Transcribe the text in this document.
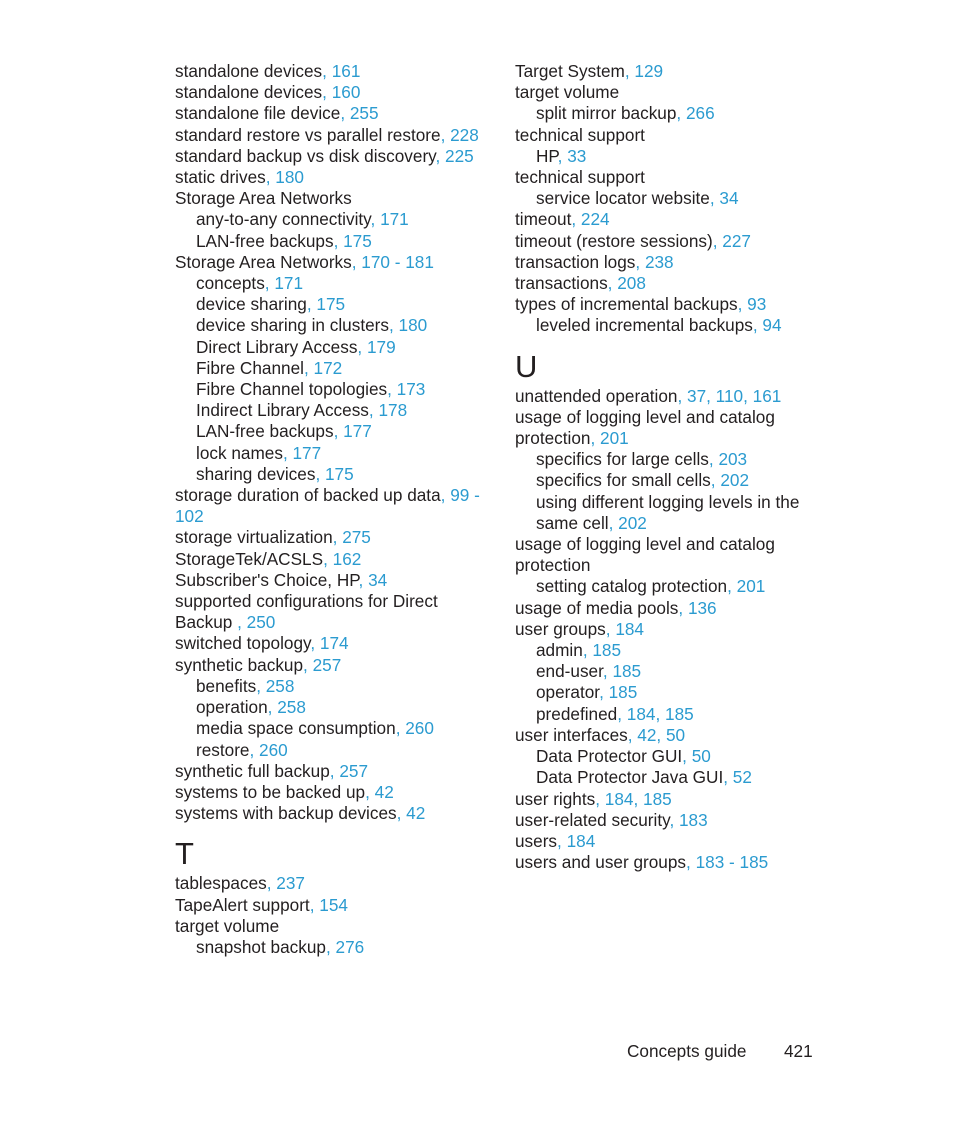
standalone devices, 161
standalone devices, 160
standalone file device, 255
standard restore vs parallel restore, 228
standard backup vs disk discovery, 225
static drives, 180
Storage Area Networks
any-to-any connectivity, 171
LAN-free backups, 175
Storage Area Networks, 170 - 181
concepts, 171
device sharing, 175
device sharing in clusters, 180
Direct Library Access, 179
Fibre Channel, 172
Fibre Channel topologies, 173
Indirect Library Access, 178
LAN-free backups, 177
lock names, 177
sharing devices, 175
storage duration of backed up data, 99 - 102
storage virtualization, 275
StorageTek/ACSLS, 162
Subscriber's Choice, HP, 34
supported configurations for Direct Backup , 250
switched topology, 174
synthetic backup, 257
benefits, 258
operation, 258
media space consumption, 260
restore, 260
synthetic full backup, 257
systems to be backed up, 42
systems with backup devices, 42
T
tablespaces, 237
TapeAlert support, 154
target volume
snapshot backup, 276
Target System, 129
target volume
split mirror backup, 266
technical support
HP, 33
technical support
service locator website, 34
timeout, 224
timeout (restore sessions), 227
transaction logs, 238
transactions, 208
types of incremental backups, 93
leveled incremental backups, 94
U
unattended operation, 37, 110, 161
usage of logging level and catalog protection, 201
specifics for large cells, 203
specifics for small cells, 202
using different logging levels in the same cell, 202
usage of logging level and catalog protection
setting catalog protection, 201
usage of media pools, 136
user groups, 184
admin, 185
end-user, 185
operator, 185
predefined, 184, 185
user interfaces, 42, 50
Data Protector GUI, 50
Data Protector Java GUI, 52
user rights, 184, 185
user-related security, 183
users, 184
users and user groups, 183 - 185
Concepts guide 421
